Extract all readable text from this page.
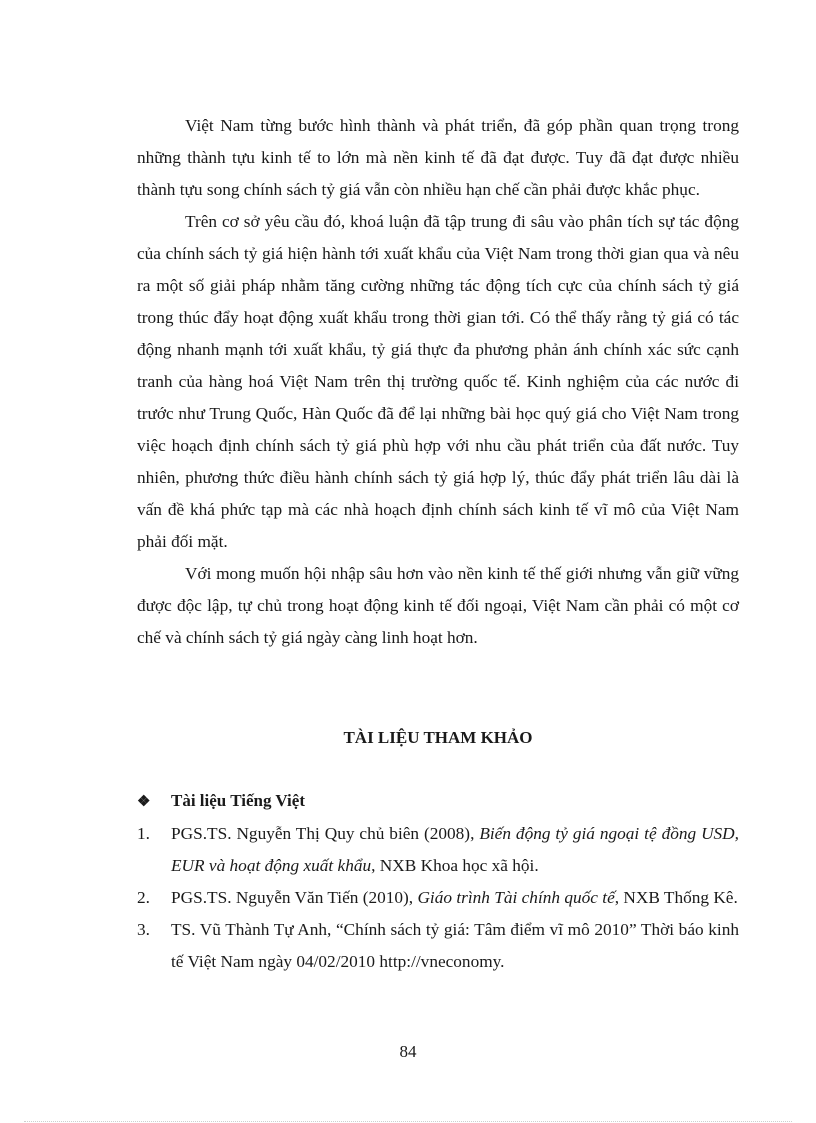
Việt Nam từng bước hình thành và phát triển, đã góp phần quan trọng trong những thành tựu kinh tế to lớn mà nền kinh tế đã đạt được. Tuy đã đạt được nhiều thành tựu song chính sách tỷ giá vẫn còn nhiều hạn chế cần phải được khắc phục.

Trên cơ sở yêu cầu đó, khoá luận đã tập trung đi sâu vào phân tích sự tác động của chính sách tỷ giá hiện hành tới xuất khẩu của Việt Nam trong thời gian qua và nêu ra một số giải pháp nhằm tăng cường những tác động tích cực của chính sách tỷ giá trong thúc đẩy hoạt động xuất khẩu trong thời gian tới. Có thể thấy rằng tỷ giá có tác động nhanh mạnh tới xuất khẩu, tỷ giá thực đa phương phản ánh chính xác sức cạnh tranh của hàng hoá Việt Nam trên thị trường quốc tế. Kinh nghiệm của các nước đi trước như Trung Quốc, Hàn Quốc đã để lại những bài học quý giá cho Việt Nam trong việc hoạch định chính sách tỷ giá phù hợp với nhu cầu phát triển của đất nước. Tuy nhiên, phương thức điều hành chính sách tỷ giá hợp lý, thúc đẩy phát triển lâu dài là vấn đề khá phức tạp mà các nhà hoạch định chính sách kinh tế vĩ mô của Việt Nam phải đối mặt.

Với mong muốn hội nhập sâu hơn vào nền kinh tế thế giới nhưng vẫn giữ vững được độc lập, tự chủ trong hoạt động kinh tế đối ngoại, Việt Nam cần phải có một cơ chế và chính sách tỷ giá ngày càng linh hoạt hơn.

TÀI LIỆU THAM KHẢO
❖ Tài liệu Tiếng Việt
1. PGS.TS. Nguyễn Thị Quy chủ biên (2008), Biến động tỷ giá ngoại tệ đồng USD, EUR và hoạt động xuất khẩu, NXB Khoa học xã hội.
2. PGS.TS. Nguyễn Văn Tiến (2010), Giáo trình Tài chính quốc tế, NXB Thống Kê.
3. TS. Vũ Thành Tự Anh, “Chính sách tỷ giá: Tâm điểm vĩ mô 2010” Thời báo kinh tế Việt Nam ngày 04/02/2010 http://vneconomy.
84
